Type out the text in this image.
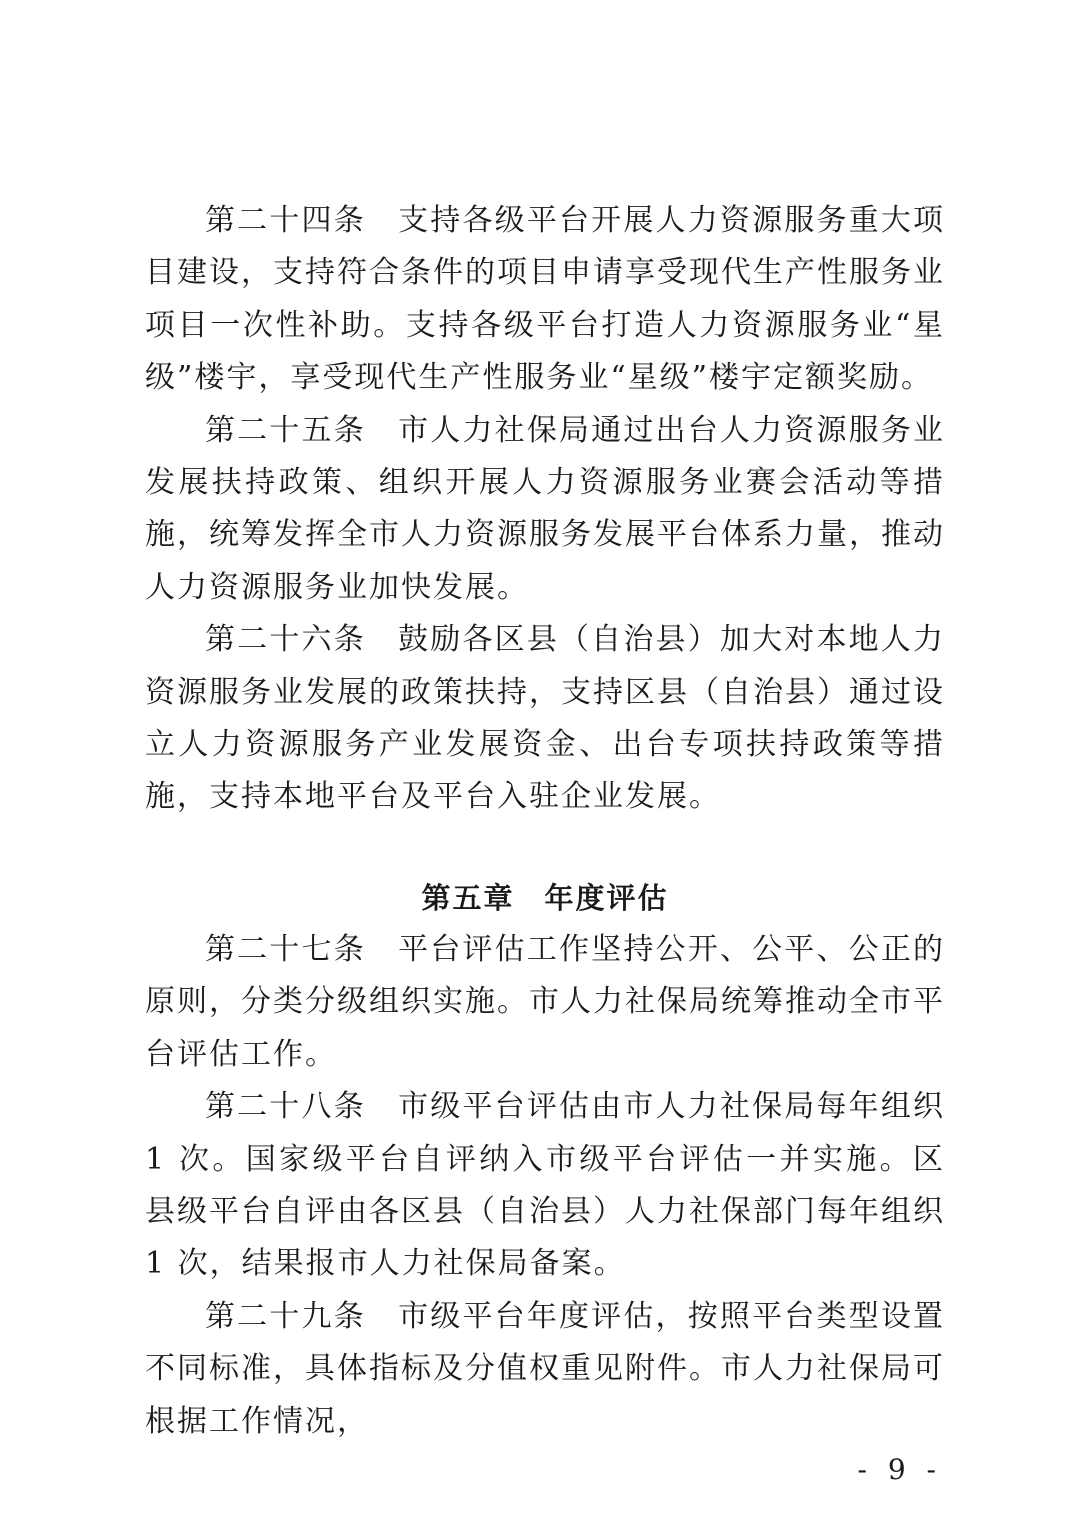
第二十四条　支持各级平台开展人力资源服务重大项目建设，支持符合条件的项目申请享受现代生产性服务业项目一次性补助。支持各级平台打造人力资源服务业“星级”楼宇，享受现代生产性服务业“星级”楼宇定额奖励。

第二十五条　市人力社保局通过出台人力资源服务业发展扶持政策、组织开展人力资源服务业赛会活动等措施，统筹发挥全市人力资源服务发展平台体系力量，推动人力资源服务业加快发展。

第二十六条　鼓励各区县（自治县）加大对本地人力资源服务业发展的政策扶持，支持区县（自治县）通过设立人力资源服务产业发展资金、出台专项扶持政策等措施，支持本地平台及平台入驻企业发展。

第五章 年度评估

第二十七条　平台评估工作坚持公开、公平、公正的原则，分类分级组织实施。市人力社保局统筹推动全市平台评估工作。

第二十八条　市级平台评估由市人力社保局每年组织 1 次。国家级平台自评纳入市级平台评估一并实施。区县级平台自评由各区县（自治县）人力社保部门每年组织 1 次，结果报市人力社保局备案。

第二十九条　市级平台年度评估，按照平台类型设置不同标准，具体指标及分值权重见附件。市人力社保局可根据工作情况，

- 9 -
